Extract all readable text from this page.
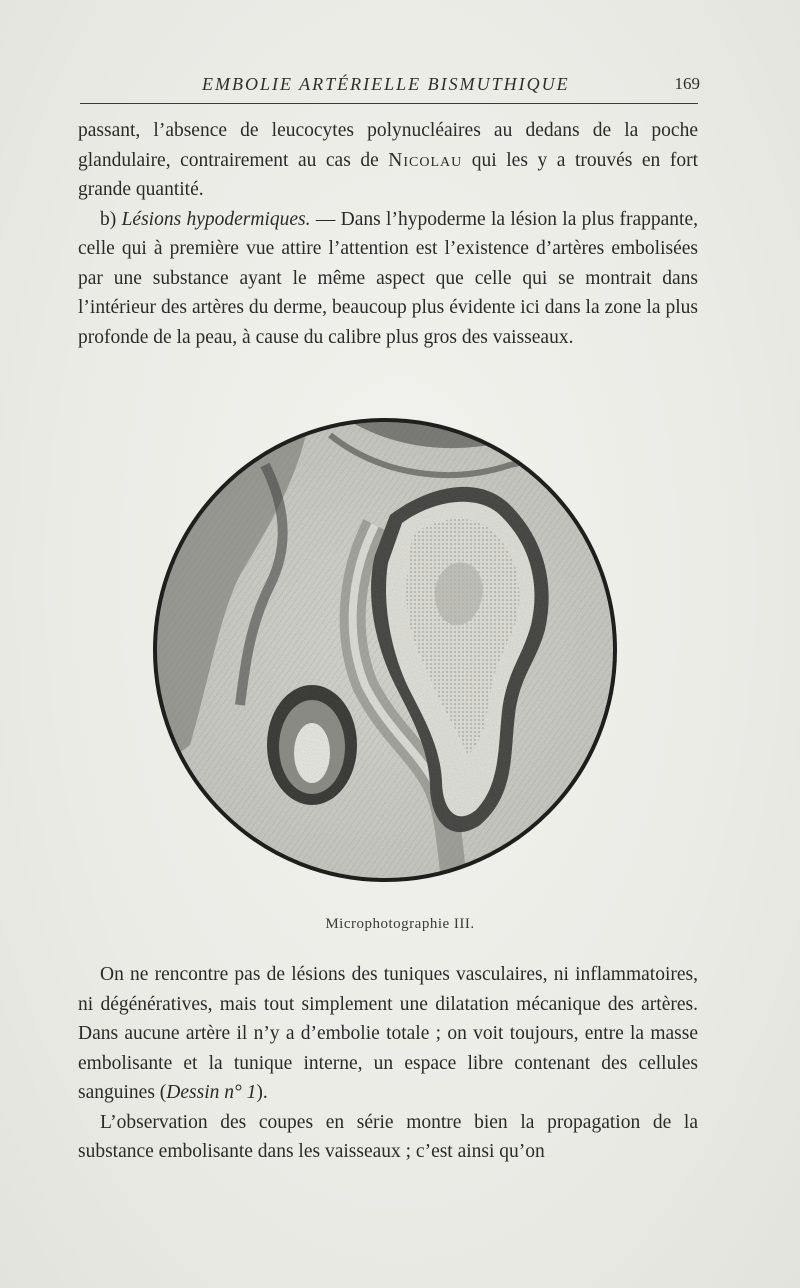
EMBOLIE ARTÉRIELLE BISMUTHIQUE	169

passant, l’absence de leucocytes polynucléaires au dedans de la poche glandulaire, contrairement au cas de Nicolau qui les y a trouvés en fort grande quantité.

b) Lésions hypodermiques. — Dans l’hypoderme la lésion la plus frappante, celle qui à première vue attire l’attention est l’existence d’artères embolisées par une substance ayant le même aspect que celle qui se montrait dans l’intérieur des artères du derme, beaucoup plus évidente ici dans la zone la plus profonde de la peau, à cause du calibre plus gros des vaisseaux.

Microphotographie III.

On ne rencontre pas de lésions des tuniques vasculaires, ni inflammatoires, ni dégénératives, mais tout simplement une dilatation mécanique des artères. Dans aucune artère il n’y a d’embolie totale ; on voit toujours, entre la masse embolisante et la tunique interne, un espace libre contenant des cellules sanguines (Dessin n° 1).

L’observation des coupes en série montre bien la propagation de la substance embolisante dans les vaisseaux ; c’est ainsi qu’on
